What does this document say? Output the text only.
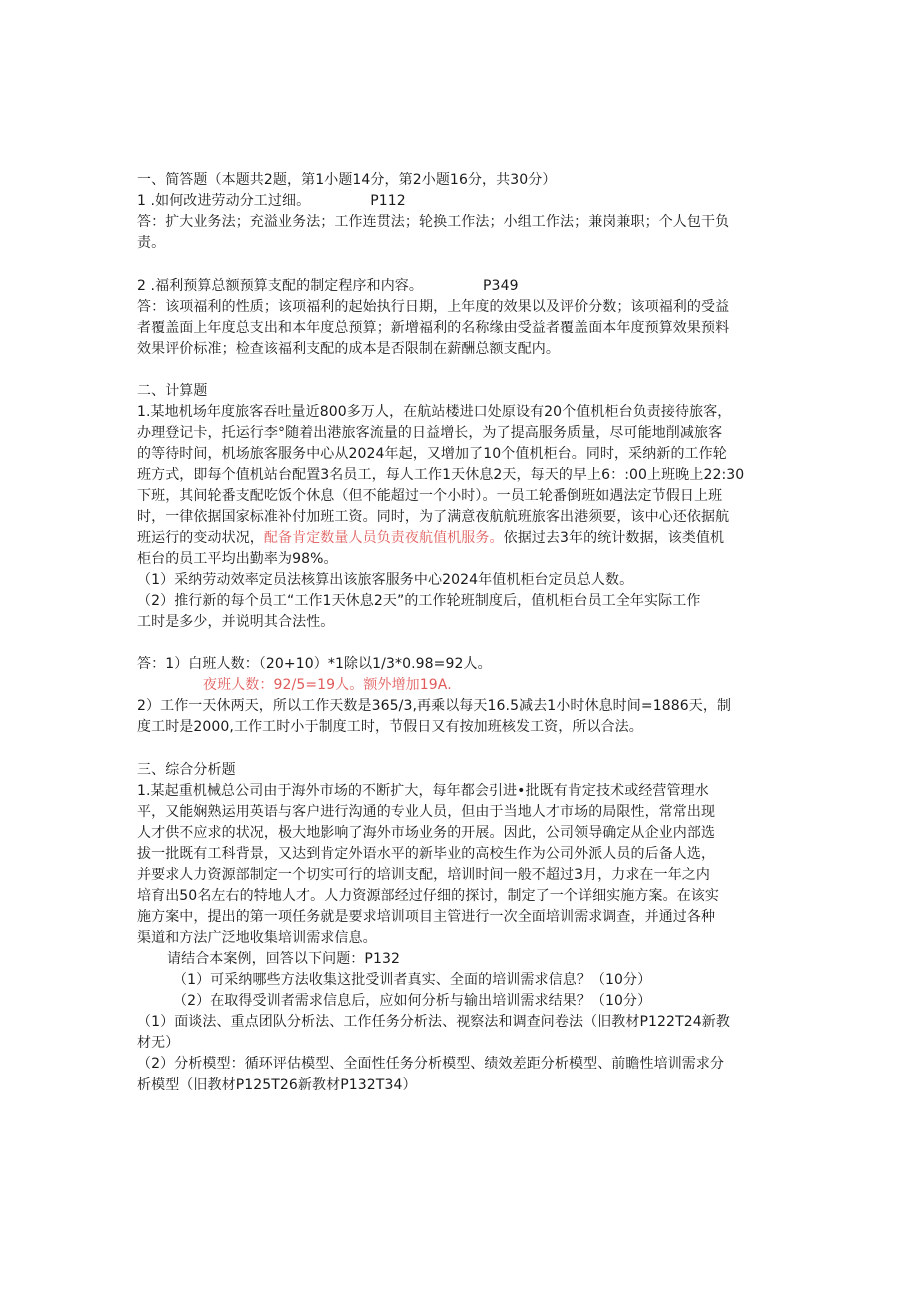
一、简答题（本题共2题，第1小题14分，第2小题16分，共30分）
1 .如何改进劳动分工过细。	P112
答：扩大业务法；充溢业务法；工作连贯法；轮换工作法；小组工作法；兼岗兼职；个人包干负
责。
2 .福利预算总额预算支配的制定程序和内容。	P349
答：该项福利的性质；该项福利的起始执行日期，上年度的效果以及评价分数；该项福利的受益
者覆盖面上年度总支出和本年度总预算；新增福利的名称缘由受益者覆盖面本年度预算效果预料
效果评价标准；检查该福利支配的成本是否限制在薪酬总额支配内。
二、计算题
1.某地机场年度旅客吞吐量近800多万人，在航站楼进口处原设有20个值机柜台负责接待旅客，
办理登记卡，托运行李°随着出港旅客流量的日益增长，为了提高服务质量，尽可能地削减旅客
的等待时间，机场旅客服务中心从2024年起，又增加了10个值机柜台。同时，采纳新的工作轮
班方式，即每个值机站台配置3名员工，每人工作1天休息2天，每天的早上6：:00上班晚上22:30
下班，其间轮番支配吃饭个休息（但不能超过一个小时）。一员工轮番倒班如遇法定节假日上班
时，一律依据国家标准补付加班工资。同时，为了满意夜航航班旅客出港须要，该中心还依据航
班运行的变动状况，配备肯定数量人员负责夜航值机服务。依据过去3年的统计数据，该类值机
柜台的员工平均出勤率为98%。
（1）采纳劳动效率定员法核算出该旅客服务中心2024年值机柜台定员总人数。
（2）推行新的每个员工“工作1天休息2天”的工作轮班制度后，值机柜台员工全年实际工作
工时是多少，并说明其合法性。
答：1）白班人数：（20+10）*1除以1/3*0.98=92人。
夜班人数：92/5=19人。额外增加19A.
2）工作一天休两天，所以工作天数是365/3,再乘以每天16.5减去1小时休息时间=1886天，制
度工时是2000,工作工时小于制度工时，节假日又有按加班核发工资，所以合法。
三、综合分析题
1.某起重机械总公司由于海外市场的不断扩大，每年都会引进•批既有肯定技术或经营管理水
平，又能娴熟运用英语与客户进行沟通的专业人员，但由于当地人才市场的局限性，常常出现
人才供不应求的状况，极大地影响了海外市场业务的开展。因此，公司领导确定从企业内部选
拔一批既有工科背景，又达到肯定外语水平的新毕业的高校生作为公司外派人员的后备人选，
并要求人力资源部制定一个切实可行的培训支配，培训时间一般不超过3月，力求在一年之内
培育出50名左右的特地人才。人力资源部经过仔细的探讨，制定了一个详细实施方案。在该实
施方案中，提出的第一项任务就是要求培训项目主管进行一次全面培训需求调查，并通过各种
渠道和方法广泛地收集培训需求信息。
请结合本案例，回答以下问题：P132
（1）可采纳哪些方法收集这批受训者真实、全面的培训需求信息？（10分）
（2）在取得受训者需求信息后，应如何分析与输出培训需求结果？（10分）
（1）面谈法、重点团队分析法、工作任务分析法、视察法和调查问卷法（旧教材P122T24新教
材无）
（2）分析模型：循环评估模型、全面性任务分析模型、绩效差距分析模型、前瞻性培训需求分
析模型（旧教材P125T26新教材P132T34）
